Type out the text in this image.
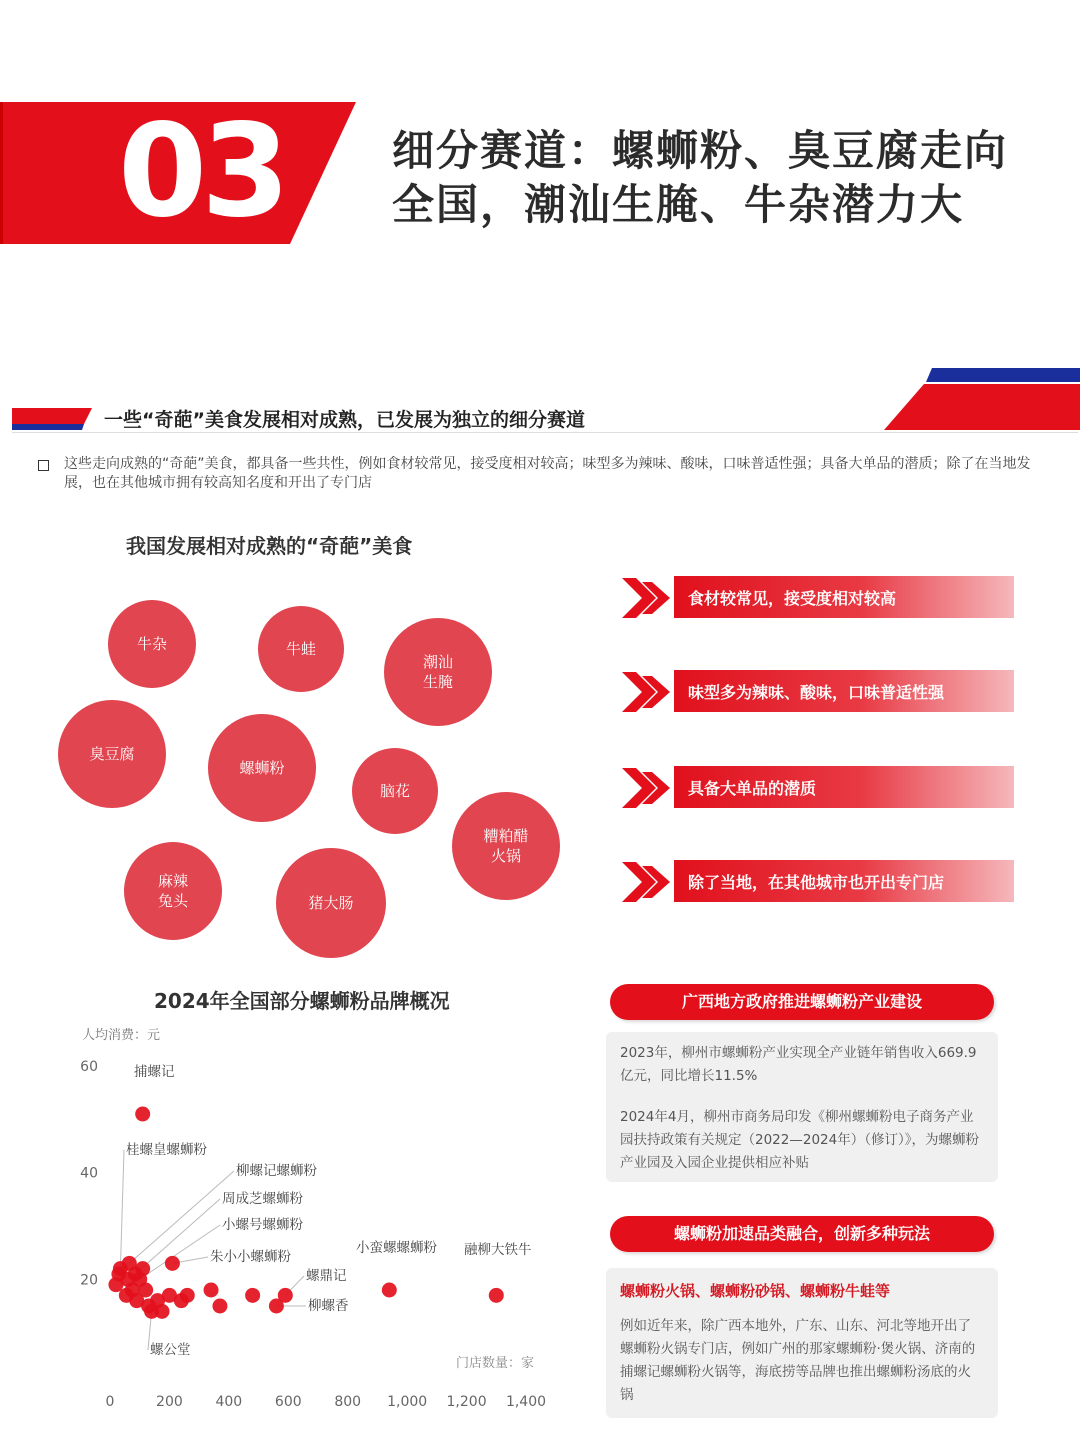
03	细分赛道：螺蛳粉、臭豆腐走向
全国，潮汕生腌、牛杂潜力大
一些“奇葩”美食发展相对成熟，已发展为独立的细分赛道
这些走向成熟的“奇葩”美食，都具备一些共性，例如食材较常见，接受度相对较高；味型多为辣味、酸味，口味普适性强；具备大单品的潜质；除了在当地发展，也在其他城市拥有较高知名度和开出了专门店
我国发展相对成熟的“奇葩”美食
牛杂	牛蛙
潮汕
生腌
臭豆腐
螺蛳粉
脑花
糟粕醋
火锅
麻辣
兔头	猪大肠
食材较常见，接受度相对较高
味型多为辣味、酸味，口味普适性强
具备大单品的潜质
除了当地，在其他城市也开出专门店
2024年全国部分螺蛳粉品牌概况
人均消费：元
门店数量：家
20
40
60
0	200 400 600 800 1,000 1,200 1,400
捕螺记
桂螺皇螺蛳粉
柳螺记螺蛳粉
周成芝螺蛳粉
小螺号螺蛳粉
朱小小螺蛳粉
螺鼎记
柳螺香
螺公堂
小蛮螺螺蛳粉 融柳大铁牛
广西地方政府推进螺蛳粉产业建设

2023年，柳州市螺蛳粉产业实现全产业链年销售收入669.9亿元，同比增长11.5%

2024年4月，柳州市商务局印发《柳州螺蛳粉电子商务产业园扶持政策有关规定（2022—2024年）（修订）》，为螺蛳粉产业园及入园企业提供相应补贴

螺蛳粉加速品类融合，创新多种玩法
螺蛳粉火锅、螺蛳粉砂锅、螺蛳粉牛蛙等

例如近年来，除广西本地外，广东、山东、河北等地开出了螺蛳粉火锅专门店，例如广州的那家螺蛳粉·煲火锅、济南的捕螺记螺蛳粉火锅等，海底捞等品牌也推出螺蛳粉汤底的火锅
